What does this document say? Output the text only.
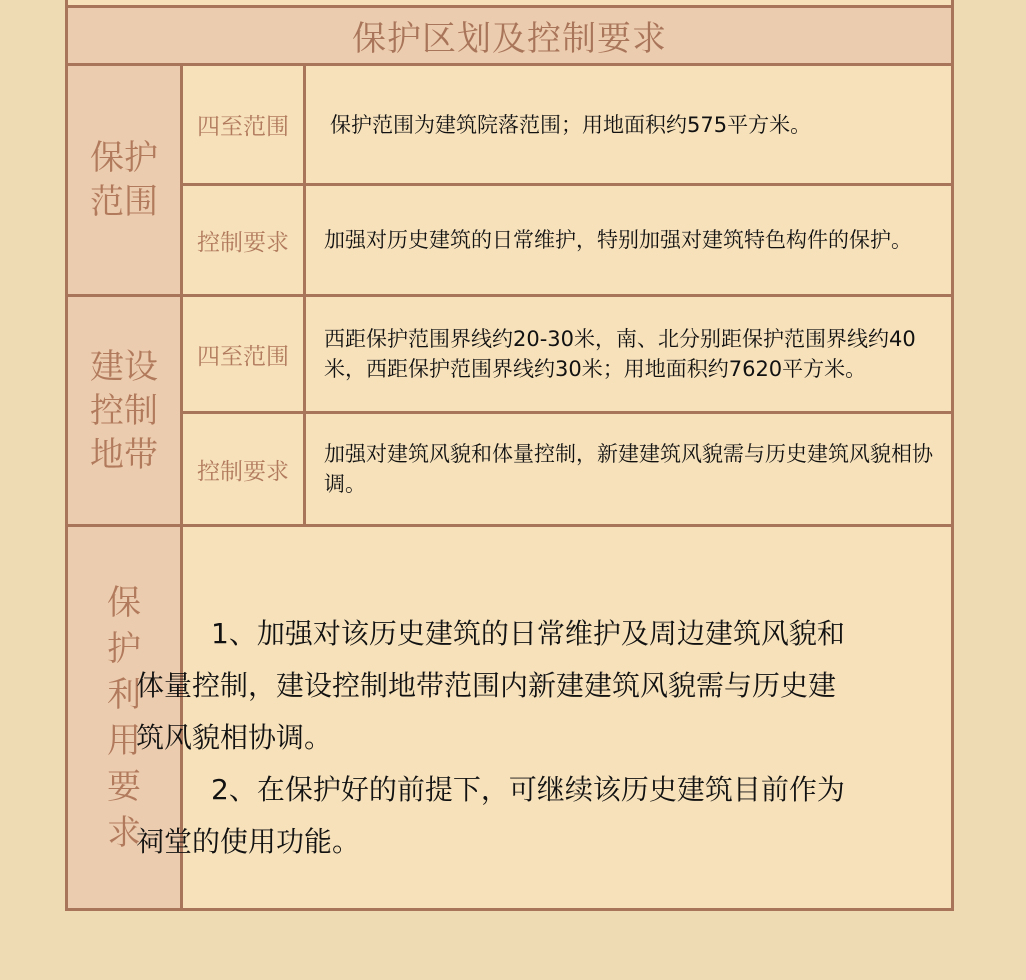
保护区划及控制要求
保护范围
四至范围	保护范围为建筑院落范围；用地面积约575平方米。
控制要求	加强对历史建筑的日常维护，特别加强对建筑特色构件的保护。
建设控制地带
四至范围
西距保护范围界线约20-30米，南、北分别距保护范围界线约40米，西距保护范围界线约30米；用地面积约7620平方米。
控制要求
加强对建筑风貌和体量控制，新建建筑风貌需与历史建筑风貌相协调。
保护利用要求

1、加强对该历史建筑的日常维护及周边建筑风貌和体量控制，建设控制地带范围内新建建筑风貌需与历史建筑风貌相协调。

2、在保护好的前提下，可继续该历史建筑目前作为祠堂的使用功能。
